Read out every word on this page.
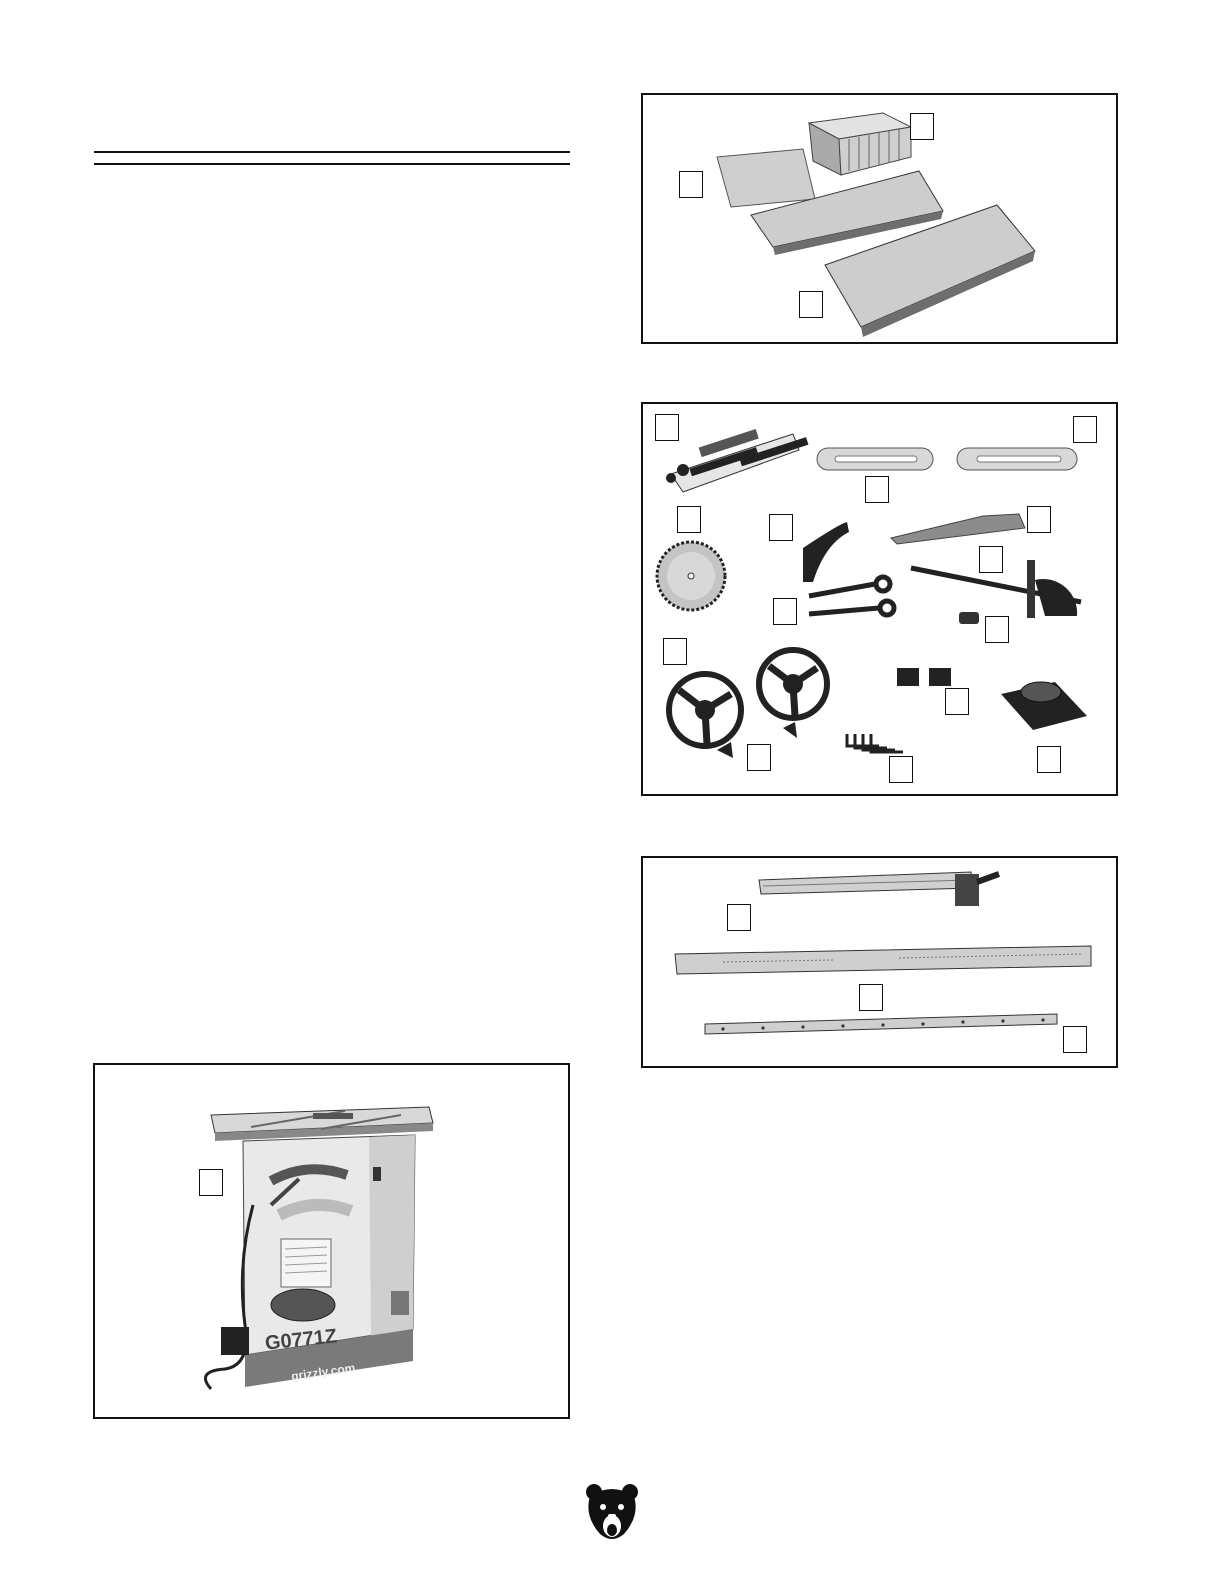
G0771Z
grizzly.com
